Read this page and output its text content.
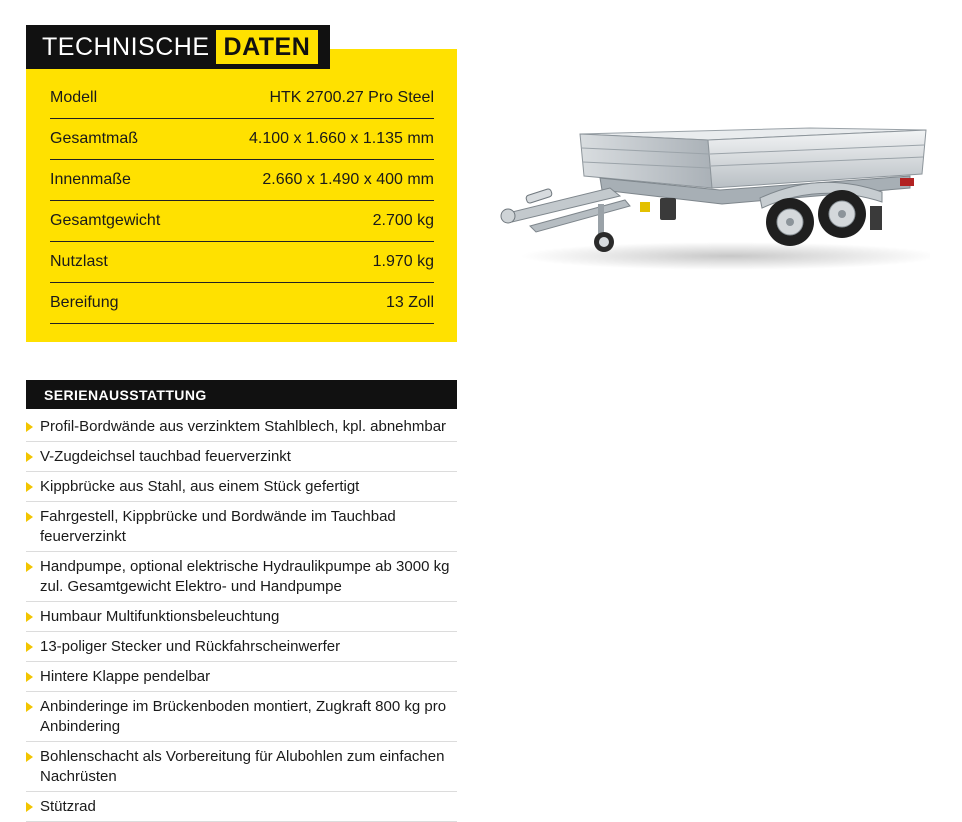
TECHNISCHE DATEN
Modell	HTK 2700.27 Pro Steel
Gesamtmaß	4.100 x 1.660 x 1.135 mm
Innenmaße	2.660 x 1.490 x 400 mm
Gesamtgewicht	2.700 kg
Nutzlast	1.970 kg
Bereifung	13 Zoll
SERIENAUSSTATTUNG
Profil-Bordwände aus verzinktem Stahlblech, kpl. abnehmbar
V-Zugdeichsel tauchbad feuerverzinkt
Kippbrücke aus Stahl, aus einem Stück gefertigt
Fahrgestell, Kippbrücke und Bordwände im Tauchbad feuerverzinkt
Handpumpe, optional elektrische Hydraulikpumpe ab 3000 kg zul. Gesamtgewicht Elektro- und Handpumpe
Humbaur Multifunktionsbeleuchtung
13-poliger Stecker und Rückfahrscheinwerfer
Hintere Klappe pendelbar
Anbinderinge im Brückenboden montiert, Zugkraft 800 kg pro Anbindering
Bohlenschacht als Vorbereitung für Alubohlen zum einfachen Nachrüsten
Stützrad
